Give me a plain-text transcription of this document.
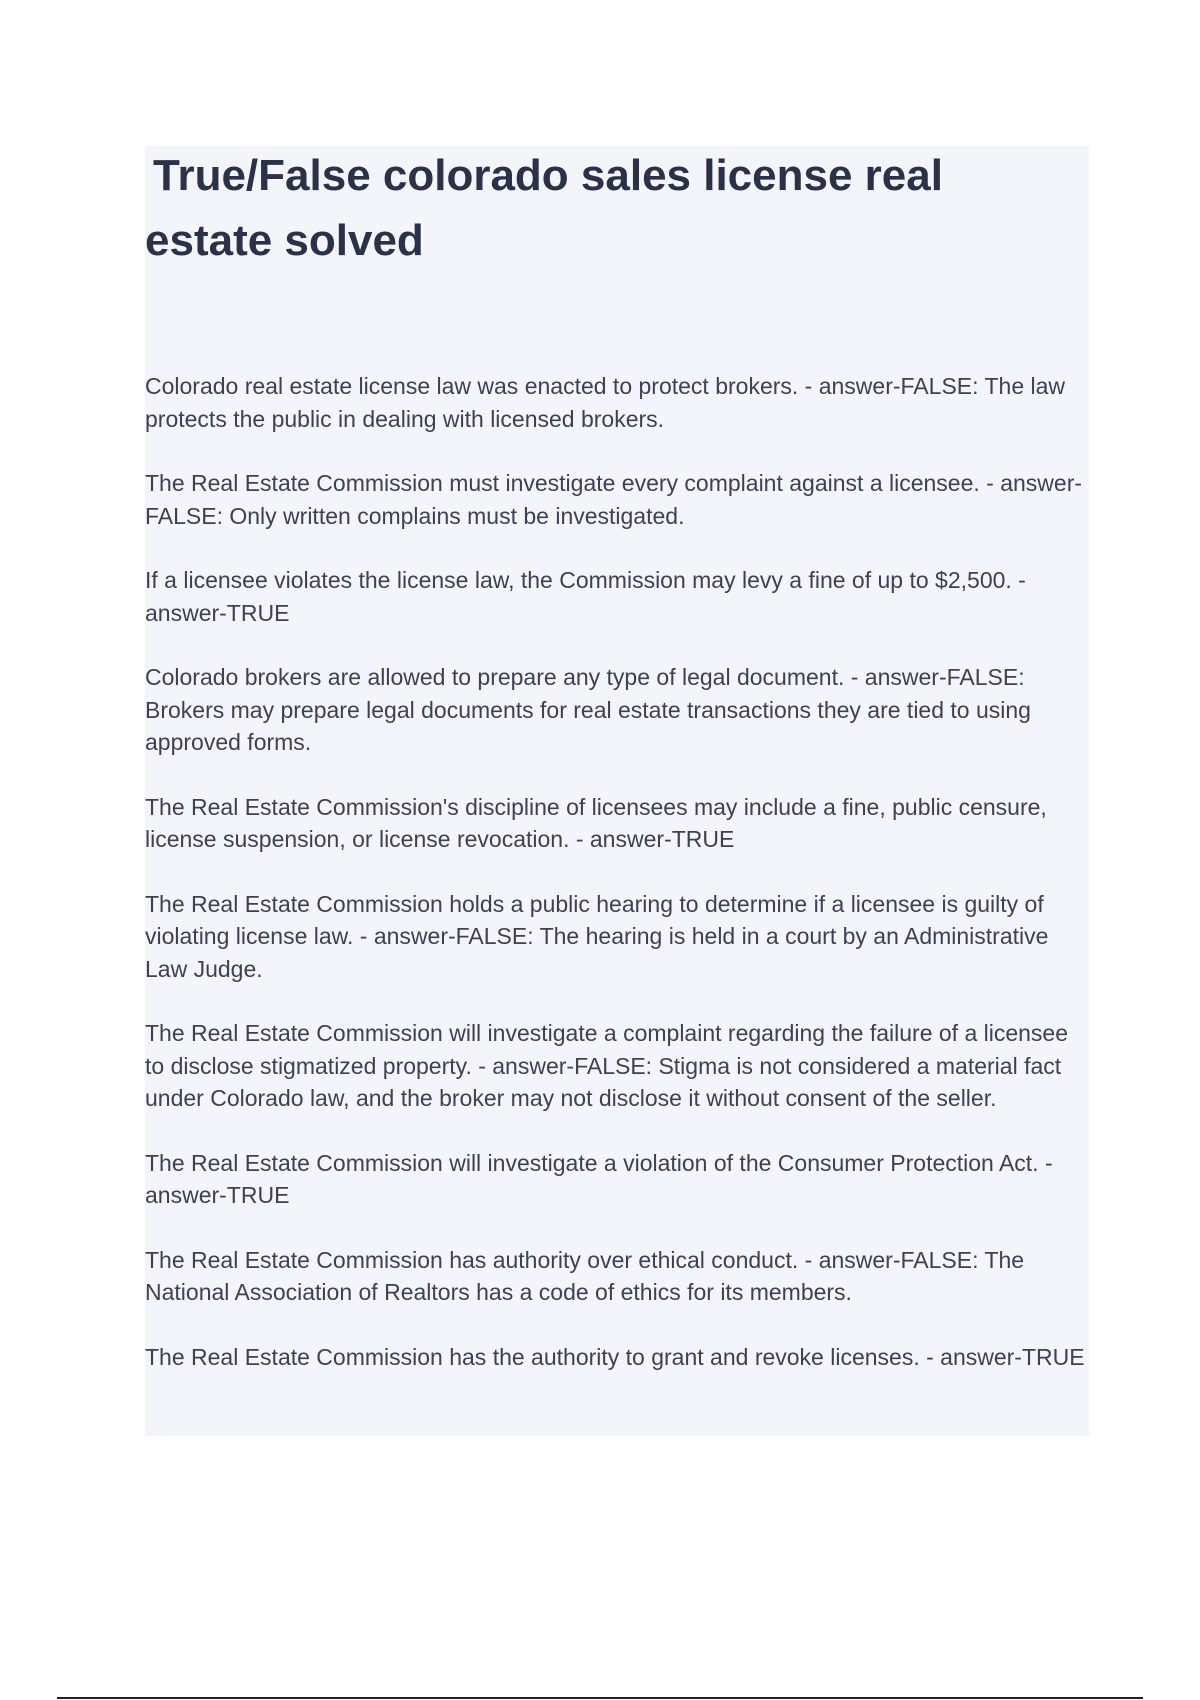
True/False colorado sales license real estate solved
Colorado real estate license law was enacted to protect brokers. - answer-FALSE: The law protects the public in dealing with licensed brokers.
The Real Estate Commission must investigate every complaint against a licensee. - answer-FALSE: Only written complains must be investigated.
If a licensee violates the license law, the Commission may levy a fine of up to $2,500. - answer-TRUE
Colorado brokers are allowed to prepare any type of legal document. - answer-FALSE: Brokers may prepare legal documents for real estate transactions they are tied to using approved forms.
The Real Estate Commission's discipline of licensees may include a fine, public censure, license suspension, or license revocation. - answer-TRUE
The Real Estate Commission holds a public hearing to determine if a licensee is guilty of violating license law. - answer-FALSE: The hearing is held in a court by an Administrative Law Judge.
The Real Estate Commission will investigate a complaint regarding the failure of a licensee to disclose stigmatized property. - answer-FALSE: Stigma is not considered a material fact under Colorado law, and the broker may not disclose it without consent of the seller.
The Real Estate Commission will investigate a violation of the Consumer Protection Act. - answer-TRUE
The Real Estate Commission has authority over ethical conduct. - answer-FALSE: The National Association of Realtors has a code of ethics for its members.
The Real Estate Commission has the authority to grant and revoke licenses. - answer-TRUE
